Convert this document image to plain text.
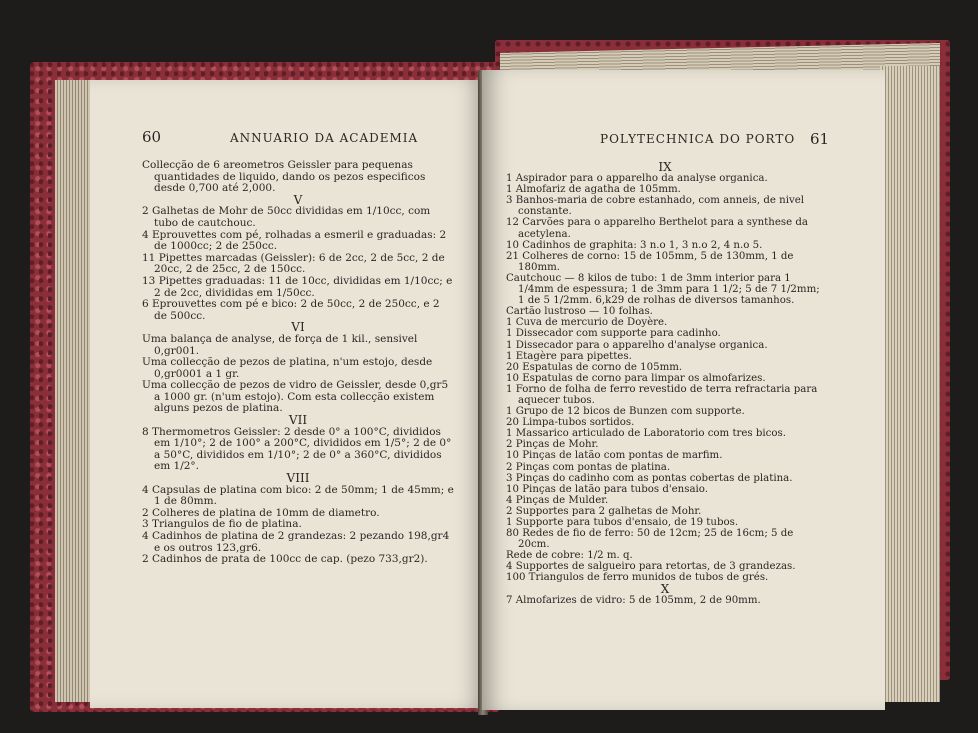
60	ANNUARIO DA ACADEMIA

Collecção de 6 areometros Geissler para pequenas quantidades de liquido, dando os pezos especificos desde 0,700 até 2,000.

V

2 Galhetas de Mohr de 50cc divididas em 1/10cc, com tubo de cautchouc.

4 Eprouvettes com pé, rolhadas a esmeril e graduadas: 2 de 1000cc; 2 de 250cc.

11 Pipettes marcadas (Geissler): 6 de 2cc, 2 de 5cc, 2 de 20cc, 2 de 25cc, 2 de 150cc.

13 Pipettes graduadas: 11 de 10cc, divididas em 1/10cc; e 2 de 2cc, divididas em 1/50cc.

6 Eprouvettes com pé e bico: 2 de 50cc, 2 de 250cc, e 2 de 500cc.

VI

Uma balança de analyse, de força de 1 kil., sensivel 0,gr001.

Uma collecção de pezos de platina, n'um estojo, desde 0,gr0001 a 1 gr.

Uma collecção de pezos de vidro de Geissler, desde 0,gr5 a 1000 gr. (n'um estojo). Com esta collecção existem alguns pezos de platina.

VII

8 Thermometros Geissler: 2 desde 0° a 100°C, divididos em 1/10°; 2 de 100° a 200°C, divididos em 1/5°; 2 de 0° a 50°C, divididos em 1/10°; 2 de 0° a 360°C, divididos em 1/2°.

VIII

4 Capsulas de platina com bico: 2 de 50mm; 1 de 45mm; e 1 de 80mm.

2 Colheres de platina de 10mm de diametro.

3 Triangulos de fio de platina.

4 Cadinhos de platina de 2 grandezas: 2 pezando 198,gr4 e os outros 123,gr6.

2 Cadinhos de prata de 100cc de cap. (pezo 733,gr2).

POLYTECHNICA DO PORTO 61

IX

1 Aspirador para o apparelho da analyse organica.

1 Almofariz de agatha de 105mm.

3 Banhos-maria de cobre estanhado, com anneis, de nivel constante.

12 Carvões para o apparelho Berthelot para a synthese da acetylena.

10 Cadinhos de graphita: 3 n.o 1, 3 n.o 2, 4 n.o 5.

21 Colheres de corno: 15 de 105mm, 5 de 130mm, 1 de 180mm.

Cautchouc — 8 kilos de tubo: 1 de 3mm interior para 1 1/4mm de espessura; 1 de 3mm para 1 1/2; 5 de 7 1/2mm; 1 de 5 1/2mm. 6,k29 de rolhas de diversos tamanhos.

Cartão lustroso — 10 folhas.

1 Cuva de mercurio de Doyère.

1 Dissecador com supporte para cadinho.

1 Dissecador para o apparelho d'analyse organica.

1 Etagère para pipettes.

20 Espatulas de corno de 105mm.

10 Espatulas de corno para limpar os almofarizes.

1 Forno de folha de ferro revestido de terra refractaria para aquecer tubos.

1 Grupo de 12 bicos de Bunzen com supporte.

20 Limpa-tubos sortidos.

1 Massarico articulado de Laboratorio com tres bicos.

2 Pinças de Mohr.

10 Pinças de latão com pontas de marfim.

2 Pinças com pontas de platina.

3 Pinças do cadinho com as pontas cobertas de platina.

10 Pinças de latão para tubos d'ensaio.

4 Pinças de Mulder.

2 Supportes para 2 galhetas de Mohr.

1 Supporte para tubos d'ensaio, de 19 tubos.

80 Redes de fio de ferro: 50 de 12cm; 25 de 16cm; 5 de 20cm.

Rede de cobre: 1/2 m. q.

4 Supportes de salgueiro para retortas, de 3 grandezas.

100 Triangulos de ferro munidos de tubos de grés.

X

7 Almofarizes de vidro: 5 de 105mm, 2 de 90mm.
